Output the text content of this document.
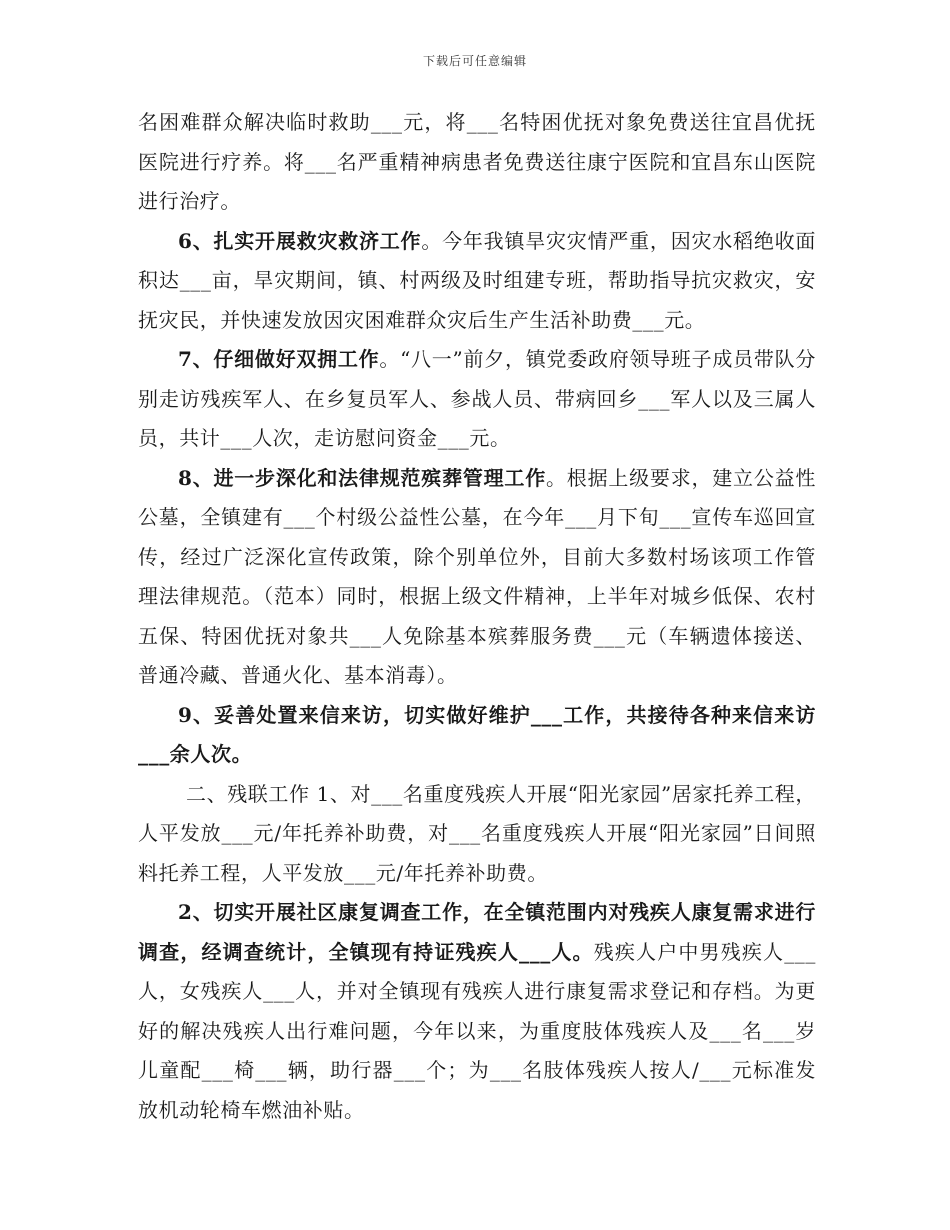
下载后可任意编辑

名困难群众解决临时救助___元，将___名特困优抚对象免费送往宜昌优抚医院进行疗养。将___名严重精神病患者免费送往康宁医院和宜昌东山医院进行治疗。

6、扎实开展救灾救济工作。今年我镇旱灾灾情严重，因灾水稻绝收面积达___亩，旱灾期间，镇、村两级及时组建专班，帮助指导抗灾救灾，安抚灾民，并快速发放因灾困难群众灾后生产生活补助费___元。

7、仔细做好双拥工作。“八一”前夕，镇党委政府领导班子成员带队分别走访残疾军人、在乡复员军人、参战人员、带病回乡___军人以及三属人员，共计___人次，走访慰问资金___元。

8、进一步深化和法律规范殡葬管理工作。根据上级要求，建立公益性公墓，全镇建有___个村级公益性公墓，在今年___月下旬___宣传车巡回宣传，经过广泛深化宣传政策，除个别单位外，目前大多数村场该项工作管理法律规范。（范本）同时，根据上级文件精神，上半年对城乡低保、农村五保、特困优抚对象共___人免除基本殡葬服务费___元（车辆遗体接送、普通冷藏、普通火化、基本消毒）。

9、妥善处置来信来访，切实做好维护___工作，共接待各种来信来访___余人次。

二、残联工作 1、对___名重度残疾人开展“阳光家园”居家托养工程，人平发放___元/年托养补助费，对___名重度残疾人开展“阳光家园”日间照料托养工程，人平发放___元/年托养补助费。

2、切实开展社区康复调查工作，在全镇范围内对残疾人康复需求进行调查，经调查统计，全镇现有持证残疾人___人。残疾人户中男残疾人___人，女残疾人___人，并对全镇现有残疾人进行康复需求登记和存档。为更好的解决残疾人出行难问题，今年以来，为重度肢体残疾人及___名___岁儿童配___椅___辆，助行器___个；为___名肢体残疾人按人/___元标准发放机动轮椅车燃油补贴。
